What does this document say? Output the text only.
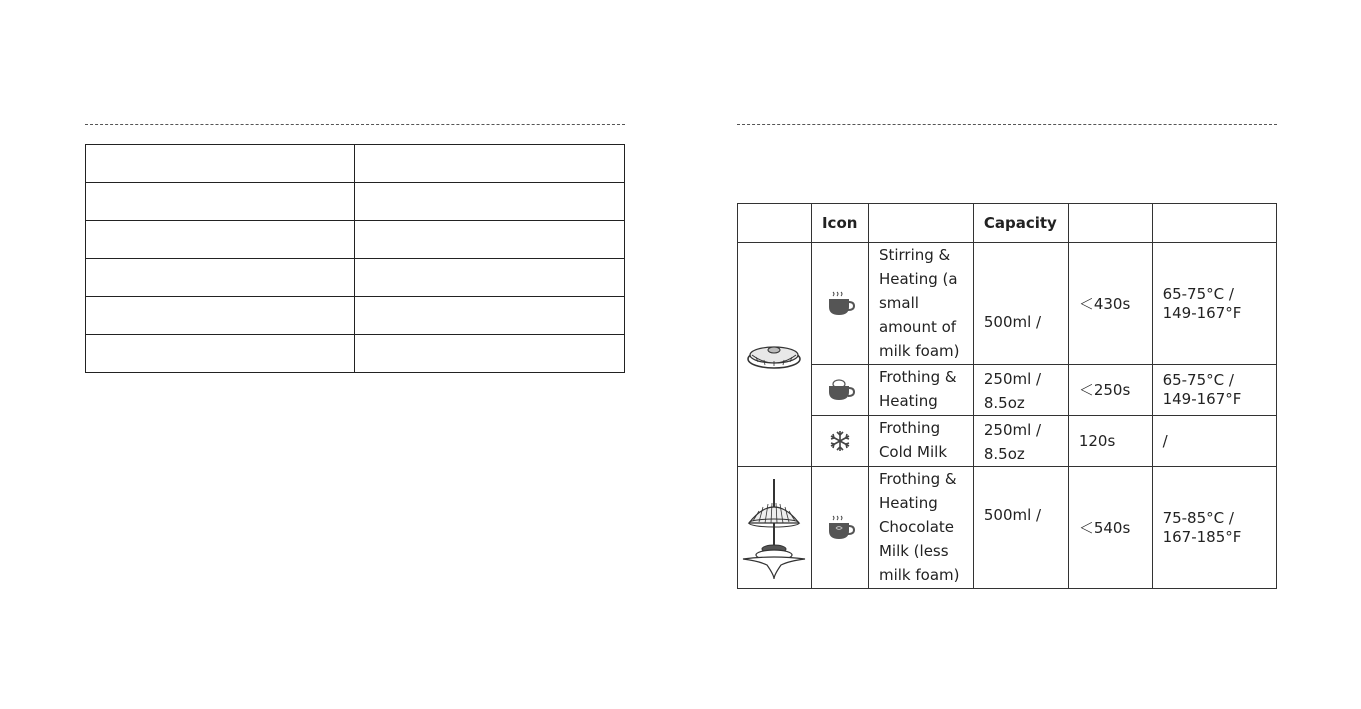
	Icon		Capacity		

	Stirring & Heating (a small amount of milk foam)	500ml /	＜430s	65-75°C / 149-167°F

	Frothing & Heating	250ml / 8.5oz	＜250s	65-75°C / 149-167°F

	Frothing Cold Milk	250ml / 8.5oz	120s	/

	Frothing & Heating Chocolate Milk (less milk foam)	500ml /	＜540s	75-85°C / 167-185°F
